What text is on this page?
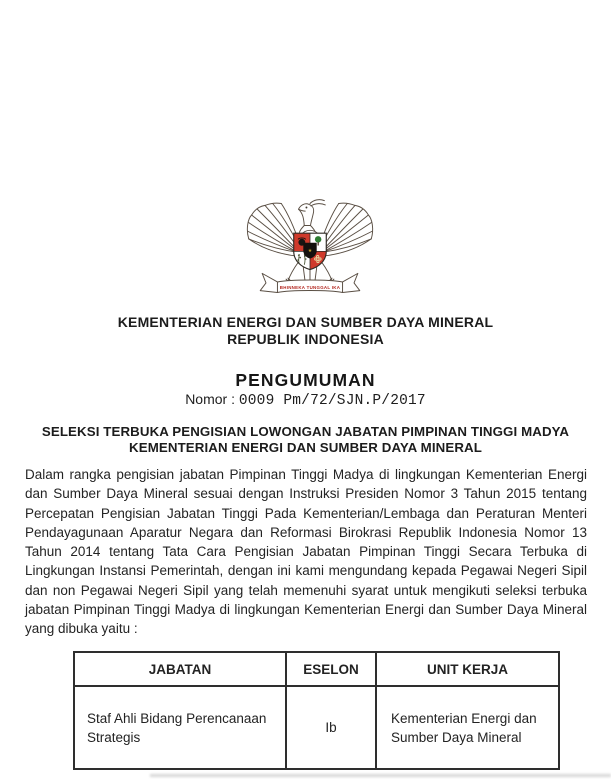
★
BHINNEKA TUNGGAL IKA
KEMENTERIAN ENERGI DAN SUMBER DAYA MINERAL
REPUBLIK INDONESIA
PENGUMUMAN
Nomor : 0009 Pm/72/SJN.P/2017
SELEKSI TERBUKA PENGISIAN LOWONGAN JABATAN PIMPINAN TINGGI MADYA
KEMENTERIAN ENERGI DAN SUMBER DAYA MINERAL

Dalam rangka pengisian jabatan Pimpinan Tinggi Madya di lingkungan Kementerian Energi dan Sumber Daya Mineral sesuai dengan Instruksi Presiden Nomor 3 Tahun 2015 tentang Percepatan Pengisian Jabatan Tinggi Pada Kementerian/Lembaga dan Peraturan Menteri Pendayagunaan Aparatur Negara dan Reformasi Birokrasi Republik Indonesia Nomor 13 Tahun 2014 tentang Tata Cara Pengisian Jabatan Pimpinan Tinggi Secara Terbuka di Lingkungan Instansi Pemerintah, dengan ini kami mengundang kepada Pegawai Negeri Sipil dan non Pegawai Negeri Sipil yang telah memenuhi syarat untuk mengikuti seleksi terbuka jabatan Pimpinan Tinggi Madya di lingkungan Kementerian Energi dan Sumber Daya Mineral yang dibuka yaitu :

JABATAN	ESELON	UNIT KERJA
Staf Ahli Bidang Perencanaan Strategis	Ib	Kementerian Energi dan Sumber Daya Mineral
